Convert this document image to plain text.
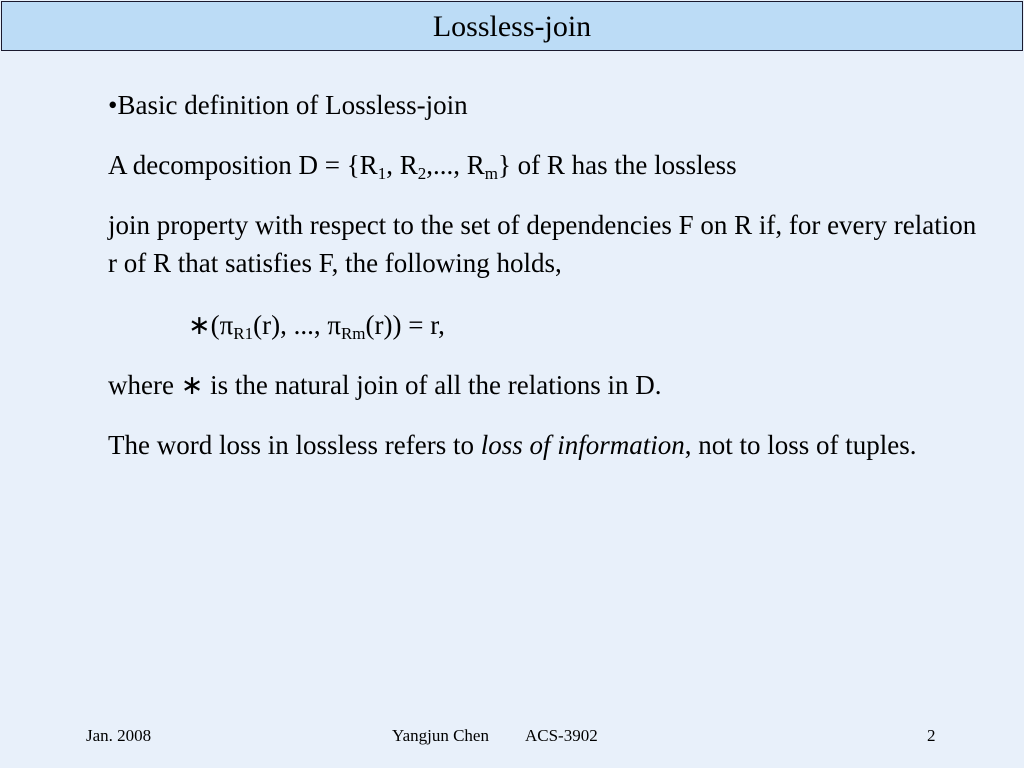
Lossless-join
•Basic definition of Lossless-join
A decomposition $D = \{R_1$, $R_2$,..., $R_m$} of R has the lossless
join property with respect to the set of dependencies F on R if, for every relation r of R that satisfies F, the following holds,
$∗(\pi_{R1}(r)$, ..., $\pi_{Rm}(r)) = r$,
where ∗ is the natural join of all the relations in D.
The word loss in lossless refers to loss of information, not to loss of tuples.
Jan. 2008	Yangjun Chen ACS-3902	2
